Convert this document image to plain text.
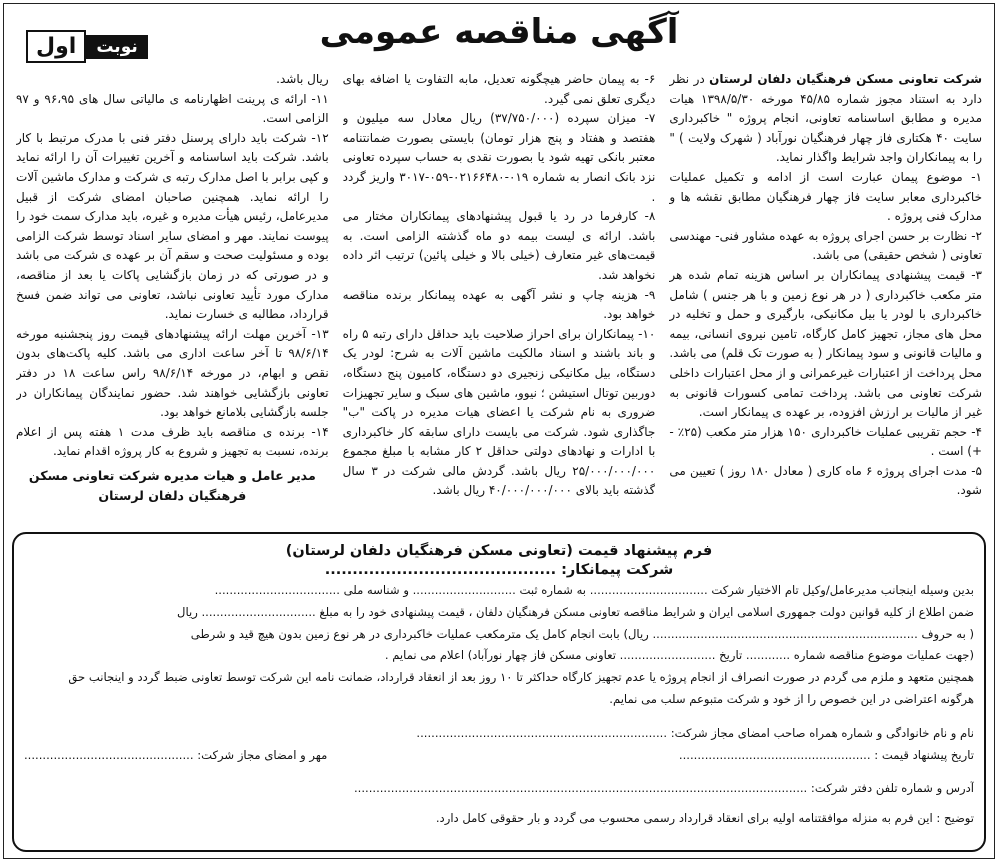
آگهی مناقصه عمومی
نوبت
اول

شرکت تعاونی مسکن فرهنگیان دلفان لرستان در نظر دارد به استناد مجوز شماره ۴۵/۸۵ مورخه ۱۳۹۸/۵/۳۰ هیات مدیره و مطابق اساسنامه تعاونی، انجام پروژه " خاکبرداری سایت ۴۰ هکتاری فاز چهار فرهنگیان نورآباد ( شهرک ولایت ) " را به پیمانکاران واجد شرایط واگذار نماید.

۱- موضوع پیمان عبارت است از ادامه و تکمیل عملیات خاکبرداری معابر سایت فاز چهار فرهنگیان مطابق نقشه ها و مدارک فنی پروژه .

۲- نظارت بر حسن اجرای پروژه به عهده مشاور فنی- مهندسی تعاونی ( شخص حقیقی) می باشد.

۳- قیمت پیشنهادی پیمانکاران بر اساس هزینه تمام شده هر متر مکعب خاکبرداری ( در هر نوع زمین و با هر جنس ) شامل خاکبرداری با لودر یا بیل مکانیکی، بارگیری و حمل و تخلیه در محل های مجاز، تجهیز کامل کارگاه، تامین نیروی انسانی، بیمه و مالیات قانونی و سود پیمانکار ( به صورت تک قلم) می باشد. محل پرداخت از اعتبارات غیرعمرانی و از محل اعتبارات داخلی شرکت تعاونی می باشد. پرداخت تمامی کسورات قانونی به غیر از مالیات بر ارزش افزوده، بر عهده ی پیمانکار است.

۴- حجم تقریبی عملیات خاکبرداری ۱۵۰ هزار متر مکعب (۲۵٪ -+) است .

۵- مدت اجرای پروژه ۶ ماه کاری ( معادل ۱۸۰ روز ) تعیین می شود.

۶- به پیمان حاضر هیچگونه تعدیل، مابه التفاوت یا اضافه بهای دیگری تعلق نمی گیرد.

۷- میزان سپرده (۳۷/۷۵۰/۰۰۰) ریال معادل سه میلیون و هفتصد و هفتاد و پنج هزار تومان) بایستی بصورت ضمانتنامه معتبر بانکی تهیه شود یا بصورت نقدی به حساب سپرده تعاونی نزد بانک انصار به شماره ۰۱۹-۰۲۱۶۶۴۸۰-۰۵۹-۳۰۱۷ واریز گردد .

۸- کارفرما در رد یا قبول پیشنهادهای پیمانکاران مختار می باشد. ارائه ی لیست بیمه دو ماه گذشته الزامی است. به قیمت‌های غیر متعارف (خیلی بالا و خیلی پائین) ترتیب اثر داده نخواهد شد.

۹- هزینه چاپ و نشر آگهی به عهده پیمانکار برنده مناقصه خواهد بود.

۱۰- پیمانکاران برای احراز صلاحیت باید حداقل دارای رتبه ۵ راه و باند باشند و اسناد مالکیت ماشین آلات به شرح: لودر یک دستگاه، بیل مکانیکی زنجیری دو دستگاه، کامیون پنج دستگاه، دوربین توتال استیشن ؛ نیوو، ماشین های سبک و سایر تجهیزات ضروری به نام شرکت یا اعضای هیات مدیره در پاکت "ب" جاگذاری شود. شرکت می بایست دارای سابقه کار خاکبرداری با ادارات و نهادهای دولتی حداقل ۲ کار مشابه با مبلغ مجموع ۲۵/۰۰۰/۰۰۰/۰۰۰ ریال باشد. گردش مالی شرکت در ۳ سال گذشته باید بالای ۴۰/۰۰۰/۰۰۰/۰۰۰ ریال باشد.

ریال باشد.

۱۱- ارائه ی پرینت اظهارنامه ی مالیاتی سال های ۹۶،۹۵ و ۹۷ الزامی است.

۱۲- شرکت باید دارای پرسنل دفتر فنی با مدرک مرتبط با کار باشد. شرکت باید اساسنامه و آخرین تغییرات آن را ارائه نماید و کپی برابر با اصل مدارک رتبه ی شرکت و مدارک ماشین آلات را ارائه نماید. همچنین صاحبان امضای شرکت از قبیل مدیرعامل، رئیس هیأت مدیره و غیره، باید مدارک سمت خود را پیوست نمایند. مهر و امضای سایر اسناد توسط شرکت الزامی بوده و مسئولیت صحت و سقم آن بر عهده ی شرکت می باشد و در صورتی که در زمان بازگشایی پاکات یا بعد از مناقصه، مدارک مورد تأیید تعاونی نباشد، تعاونی می تواند ضمن فسخ قرارداد، مطالبه ی خسارت نماید.

۱۳- آخرین مهلت ارائه پیشنهادهای قیمت روز پنجشنبه مورخه ۹۸/۶/۱۴ تا آخر ساعت اداری می باشد. کلیه پاکت‌های بدون نقص و ابهام، در مورخه ۹۸/۶/۱۴ راس ساعت ۱۸ در دفتر تعاونی بازگشایی خواهند شد. حضور نمایندگان پیمانکاران در جلسه بازگشایی بلامانع خواهد بود.

۱۴- برنده ی مناقصه باید ظرف مدت ۱ هفته پس از اعلام برنده، نسبت به تجهیز و شروع به کار پروژه اقدام نماید.

مدیر عامل و هیات مدیره شرکت تعاونی مسکن فرهنگیان دلفان لرستان
فرم پیشنهاد قیمت (تعاونی مسکن فرهنگیان دلفان لرستان)
شرکت پیمانکار: ..........................................

بدین وسیله اینجانب مدیرعامل/وکیل تام الاختیار شرکت ................................ به شماره ثبت ............................ و شناسه ملی ..................................

ضمن اطلاع از کلیه قوانین دولت جمهوری اسلامی ایران و شرایط مناقصه تعاونی مسکن فرهنگیان دلفان ، قیمت پیشنهادی خود را به مبلغ ............................... ریال

( به حروف ........................................................................ ریال) بابت انجام کامل یک مترمکعب عملیات خاکبرداری در هر نوع زمین بدون هیچ قید و شرطی

(جهت عملیات موضوع مناقصه شماره ............ تاریخ .......................... تعاونی مسکن فاز چهار نورآباد) اعلام می نمایم .

همچنین متعهد و ملزم می گردم در صورت انصراف از انجام پروژه یا عدم تجهیز کارگاه حداکثر تا ۱۰ روز بعد از انعقاد قرارداد، ضمانت نامه این شرکت توسط تعاونی ضبط گردد و اینجانب حق

هرگونه اعتراضی در این خصوص را از خود و شرکت متبوعم سلب می نمایم.

نام و نام خانوادگی و شماره همراه صاحب امضای مجاز شرکت: ....................................................................

تاریخ پیشنهاد قیمت : ....................................................
مهر و امضای مجاز شرکت: ..............................................

آدرس و شماره تلفن دفتر شرکت: ...........................................................................................................................

توضیح : این فرم به منزله موافقتنامه اولیه برای انعقاد قرارداد رسمی محسوب می گردد و بار حقوقی کامل دارد.
